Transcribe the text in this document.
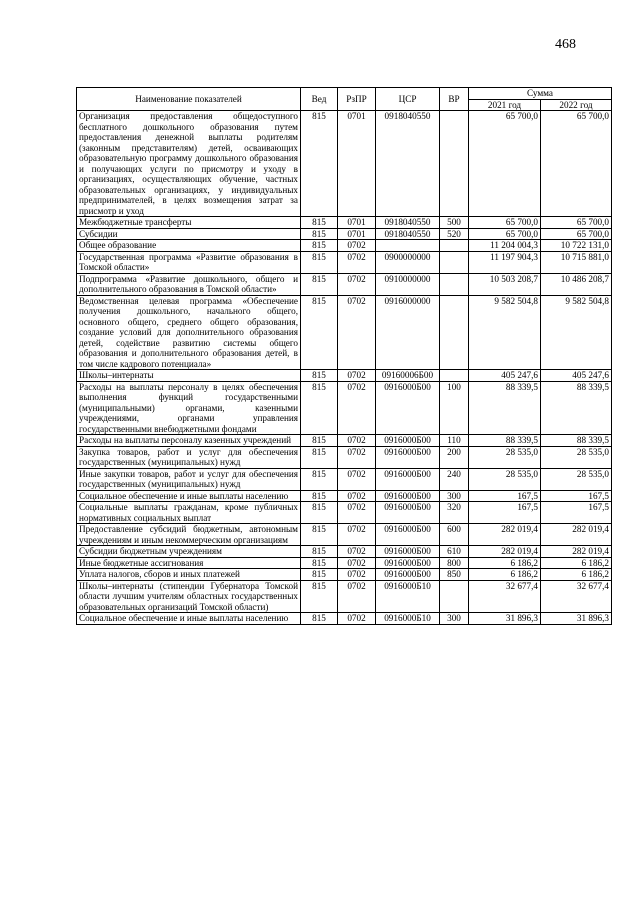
468
Наименование показателей	Вед	РзПР	ЦСР	ВР	Сумма	
					2021 год	2022 год
Организация предоставления общедоступного бесплатного дошкольного образования путем предоставления денежной выплаты родителям (законным представителям) детей, осваивающих образовательную программу дошкольного образования и получающих услуги по присмотру и уходу в организациях, осуществляющих обучение, частных образовательных организациях, у индивидуальных предпринимателей, в целях возмещения затрат за присмотр и уход	815	0701	0918040550		65 700,0	65 700,0
Межбюджетные трансферты	815	0701	0918040550	500	65 700,0	65 700,0
Субсидии	815	0701	0918040550	520	65 700,0	65 700,0
Общее образование	815	0702			11 204 004,3	10 722 131,0
Государственная программа «Развитие образования в Томской области»	815	0702	0900000000		11 197 904,3	10 715 881,0
Подпрограмма «Развитие дошкольного, общего и дополнительного образования в Томской области»	815	0702	0910000000		10 503 208,7	10 486 208,7
Ведомственная целевая программа «Обеспечение получения дошкольного, начального общего, основного общего, среднего общего образования, создание условий для дополнительного образования детей, содействие развитию системы общего образования и дополнительного образования детей, в том числе кадрового потенциала»	815	0702	0916000000		9 582 504,8	9 582 504,8
Школы–интернаты	815	0702	09160006Б00		405 247,6	405 247,6
Расходы на выплаты персоналу в целях обеспечения выполнения функций государственными (муниципальными) органами, казенными учреждениями, органами управления государственными внебюджетными фондами	815	0702	0916000Б00	100	88 339,5	88 339,5
Расходы на выплаты персоналу казенных учреждений	815	0702	0916000Б00	110	88 339,5	88 339,5
Закупка товаров, работ и услуг для обеспечения государственных (муниципальных) нужд	815	0702	0916000Б00	200	28 535,0	28 535,0
Иные закупки товаров, работ и услуг для обеспечения государственных (муниципальных) нужд	815	0702	0916000Б00	240	28 535,0	28 535,0
Социальное обеспечение и иные выплаты населению	815	0702	0916000Б00	300	167,5	167,5
Социальные выплаты гражданам, кроме публичных нормативных социальных выплат	815	0702	0916000Б00	320	167,5	167,5
Предоставление субсидий бюджетным, автономным учреждениям и иным некоммерческим организациям	815	0702	0916000Б00	600	282 019,4	282 019,4
Субсидии бюджетным учреждениям	815	0702	0916000Б00	610	282 019,4	282 019,4
Иные бюджетные ассигнования	815	0702	0916000Б00	800	6 186,2	6 186,2
Уплата налогов, сборов и иных платежей	815	0702	0916000Б00	850	6 186,2	6 186,2
Школы–интернаты (стипендии Губернатора Томской области лучшим учителям областных государственных образовательных организаций Томской области)	815	0702	0916000Б10		32 677,4	32 677,4
Социальное обеспечение и иные выплаты населению	815	0702	0916000Б10	300	31 896,3	31 896,3
